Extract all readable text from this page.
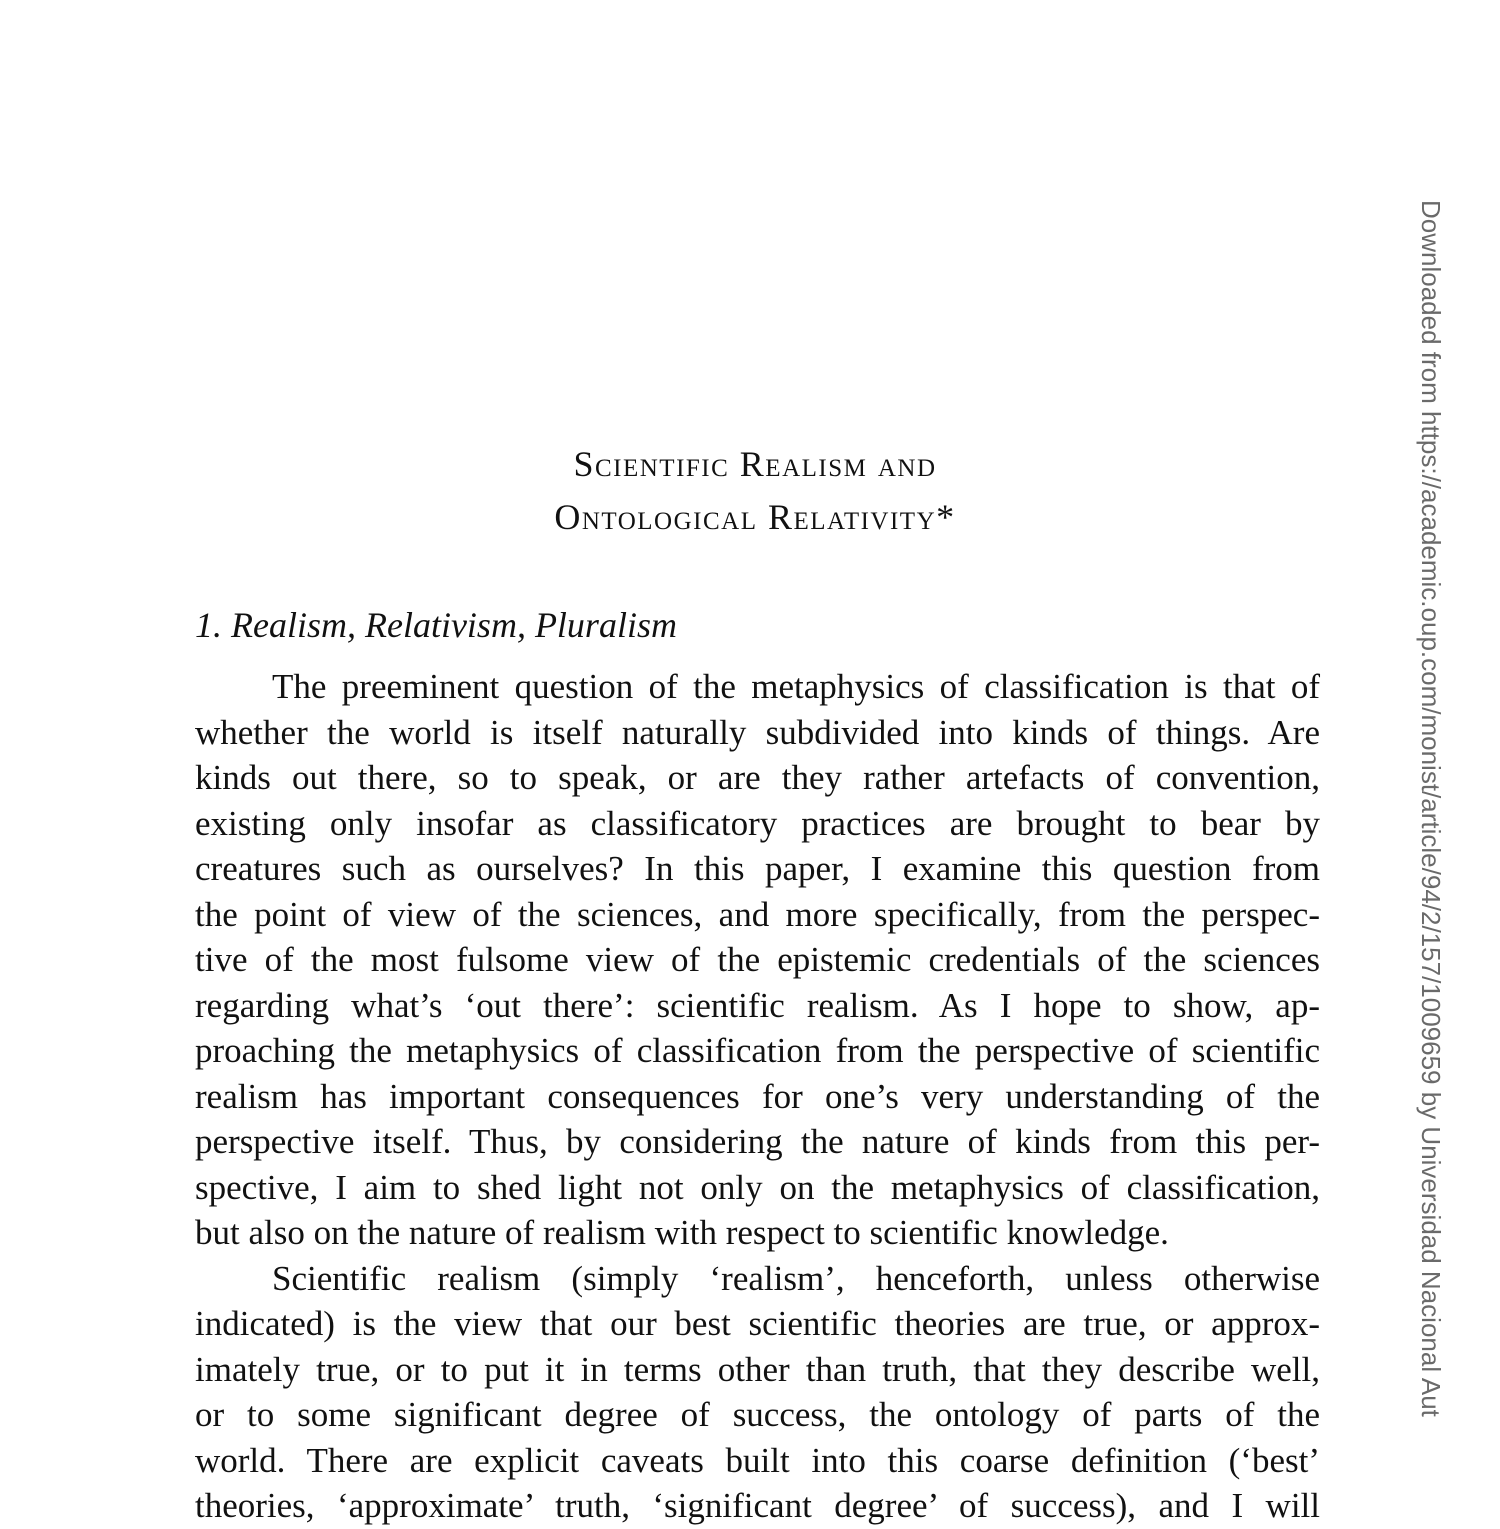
Scientific Realism and
Ontological Relativity*
1. Realism, Relativism, Pluralism
The preeminent question of the metaphysics of classification is that of
whether the world is itself naturally subdivided into kinds of things. Are
kinds out there, so to speak, or are they rather artefacts of convention,
existing only insofar as classificatory practices are brought to bear by
creatures such as ourselves? In this paper, I examine this question from
the point of view of the sciences, and more specifically, from the perspec-
tive of the most fulsome view of the epistemic credentials of the sciences
regarding what’s ‘out there’: scientific realism. As I hope to show, ap-
proaching the metaphysics of classification from the perspective of scientific
realism has important consequences for one’s very understanding of the
perspective itself. Thus, by considering the nature of kinds from this per-
spective, I aim to shed light not only on the metaphysics of classification,
but also on the nature of realism with respect to scientific knowledge.
Scientific realism (simply ‘realism’, henceforth, unless otherwise
indicated) is the view that our best scientific theories are true, or approx-
imately true, or to put it in terms other than truth, that they describe well,
or to some significant degree of success, the ontology of parts of the
world. There are explicit caveats built into this coarse definition (‘best’
theories, ‘approximate’ truth, ‘significant degree’ of success), and I will
Downloaded from https://academic.oup.com/monist/article/94/2/157/1009659 by Universidad Nacional Aut
